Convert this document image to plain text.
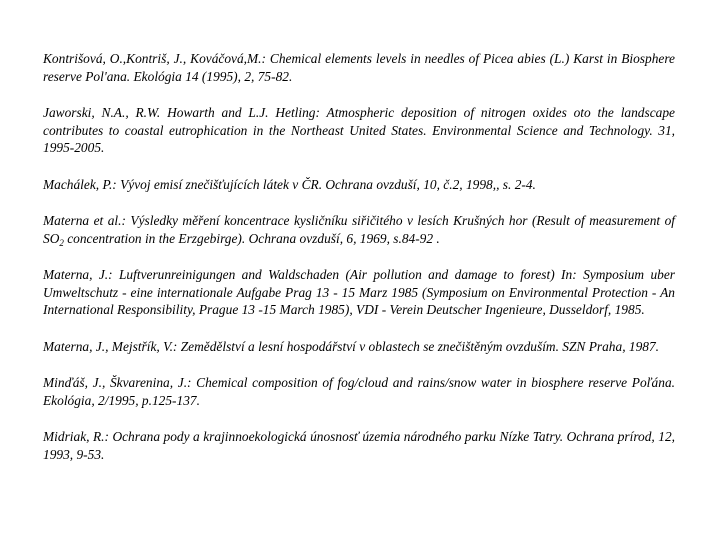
Kontrišová, O.,Kontriš, J., Kováčová,M.: Chemical elements levels in needles of Picea abies (L.) Karst in Biosphere reserve Pol'ana. Ekológia 14 (1995), 2, 75-82.

Jaworski, N.A., R.W. Howarth and L.J. Hetling: Atmospheric deposition of nitrogen oxides oto the landscape contributes to coastal eutrophication in the Northeast United States. Environmental Science and Technology. 31, 1995-2005.

Machálek, P.: Vývoj emisí znečišťujících látek v ČR. Ochrana ovzduší, 10, č.2, 1998,, s. 2-4.

Materna et al.: Výsledky měření koncentrace kysličníku siřičitého v lesích Krušných hor (Result of measurement of $SO_2$ concentration in the Erzgebirge). Ochrana ovzduší, 6, 1969, s.84-92 .

Materna, J.: Luftverunreinigungen and Waldschaden (Air pollution and damage to forest) In: Symposium uber Umweltschutz - eine internationale Aufgabe Prag 13 - 15 Marz 1985 (Symposium on Environmental Protection - An International Responsibility, Prague 13 -15 March 1985), VDI - Verein Deutscher Ingenieure, Dusseldorf, 1985.

Materna, J., Mejstřík, V.: Zemědělství a lesní hospodářství v oblastech se znečištěným ovzduším. SZN Praha, 1987.

Minďáš, J., Škvarenina, J.: Chemical composition of fog/cloud and rains/snow water in biosphere reserve Poľána. Ekológia, 2/1995, p.125-137.

Midriak, R.: Ochrana pody a krajinnoekologická únosnosť územia národného parku Nízke Tatry. Ochrana prírod, 12, 1993, 9-53.
